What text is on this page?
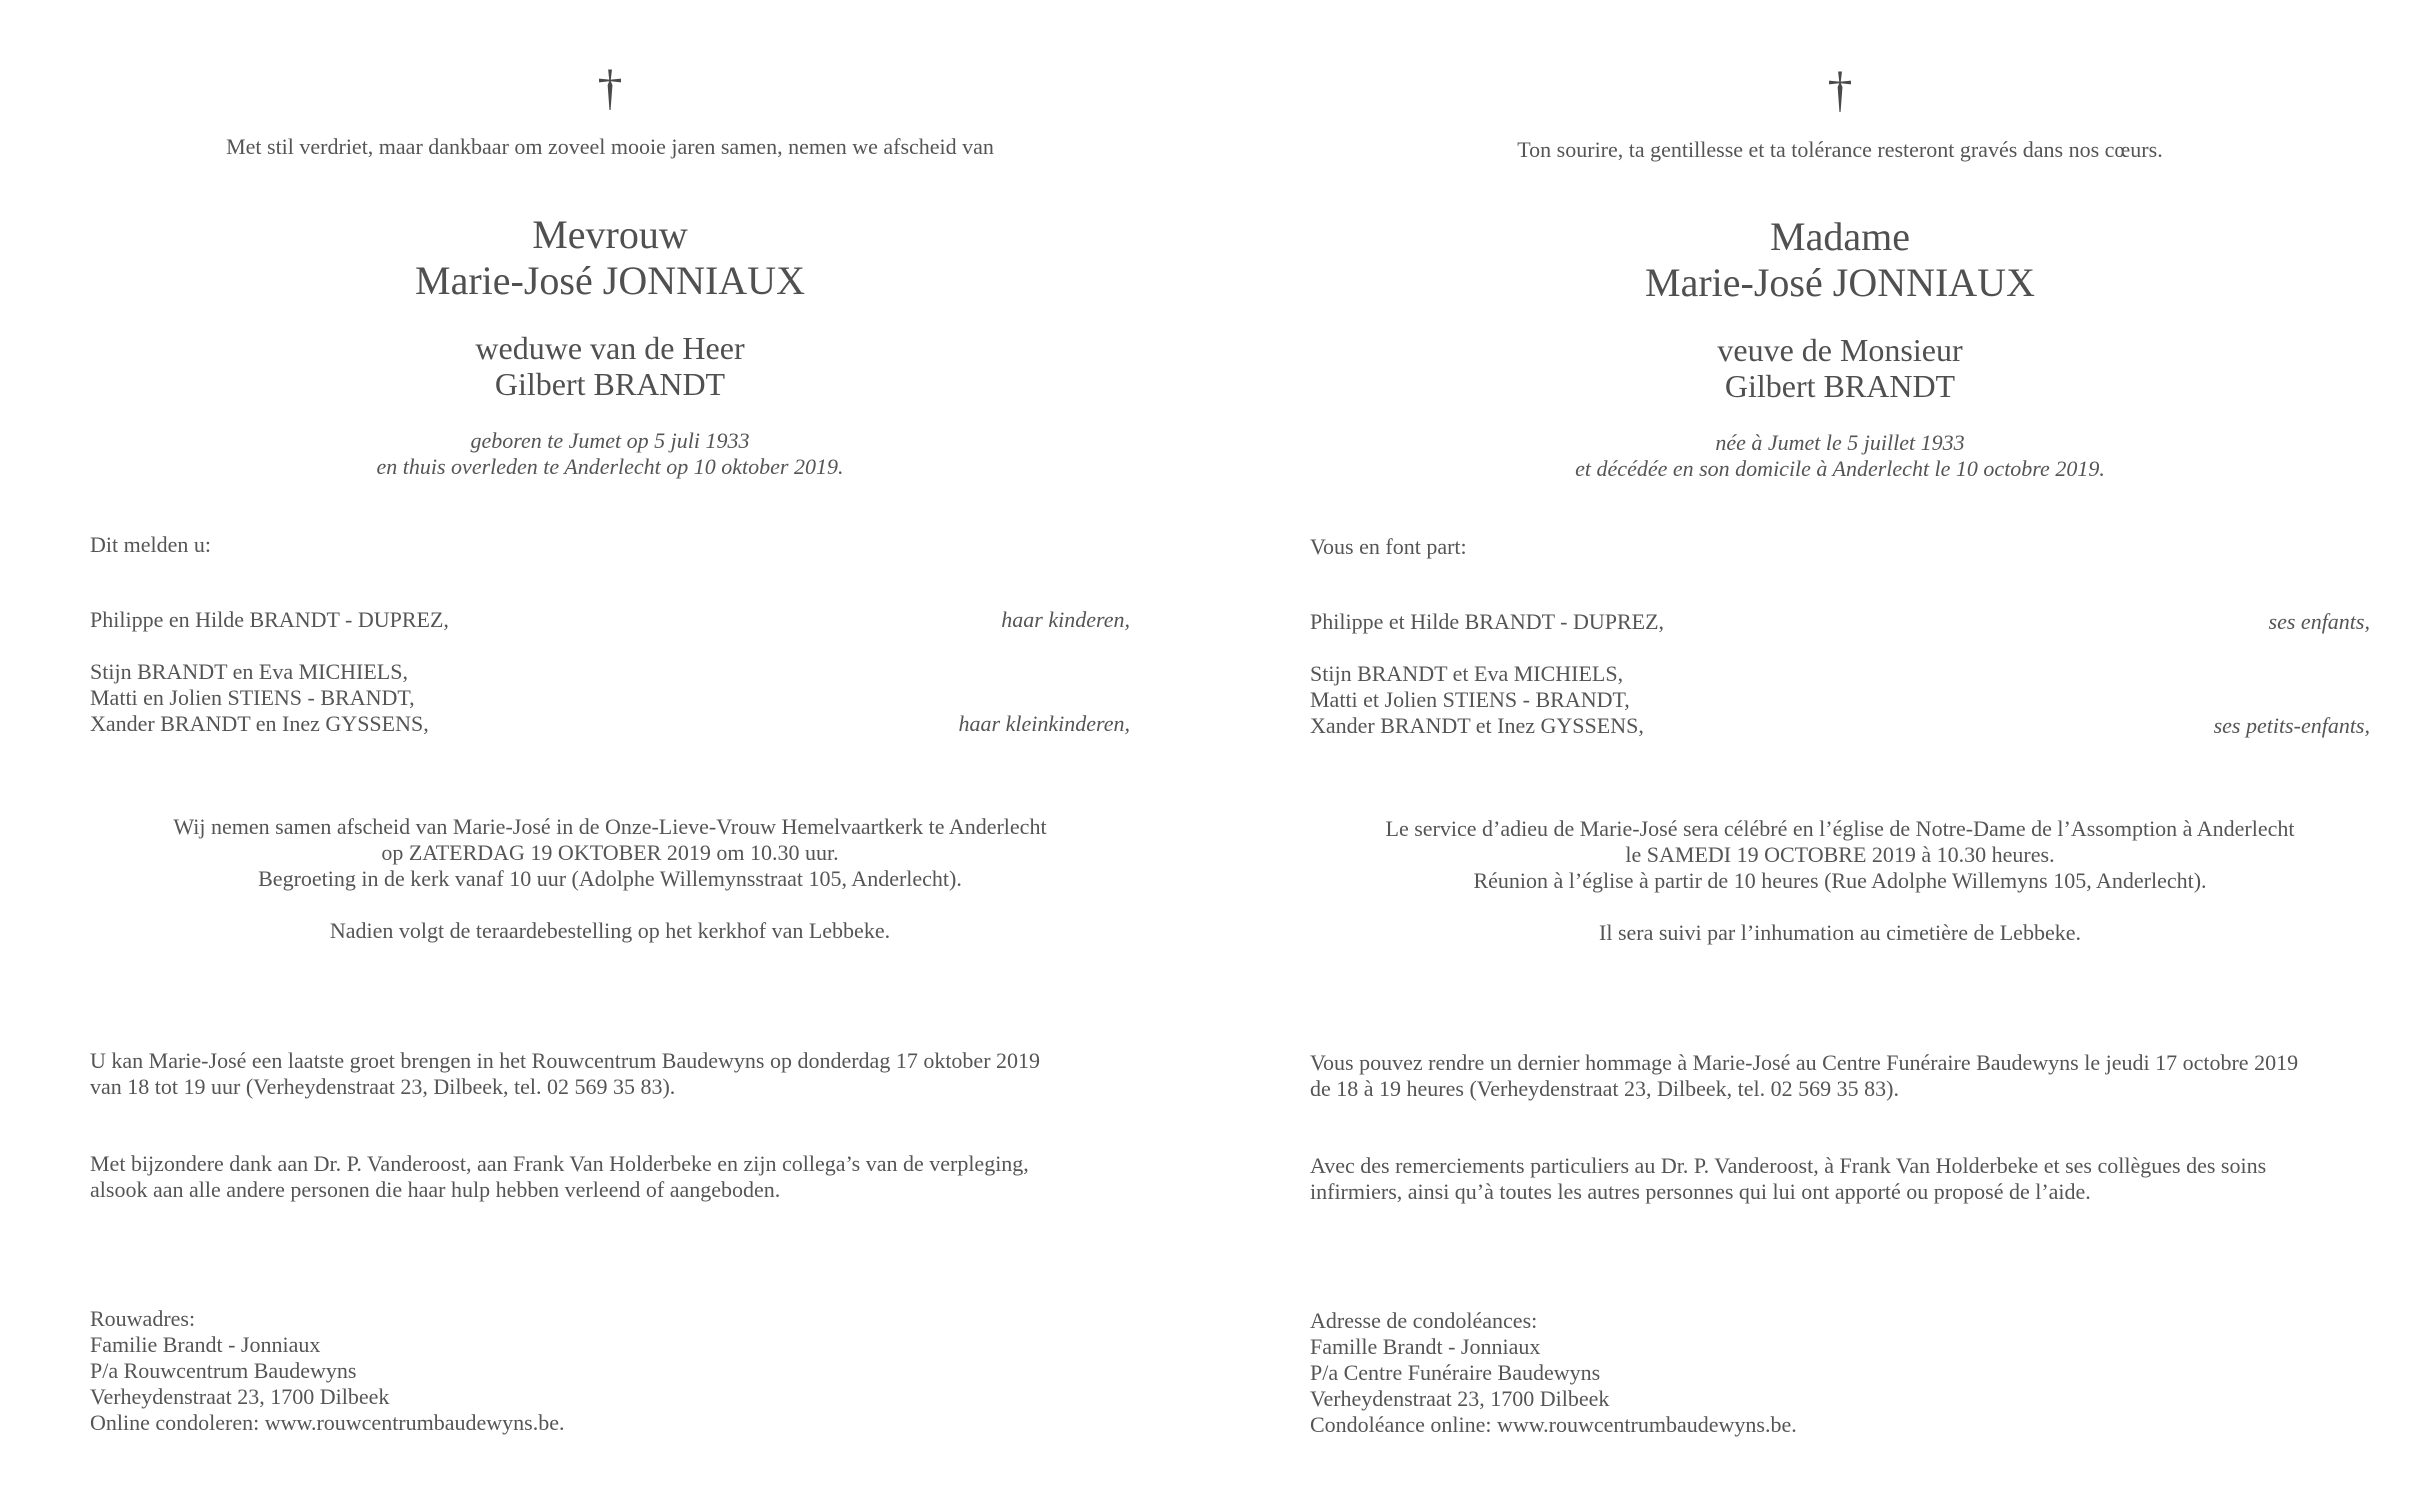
†
Met stil verdriet, maar dankbaar om zoveel mooie jaren samen, nemen we afscheid van
Mevrouw
Marie-José JONNIAUX
weduwe van de Heer
Gilbert BRANDT
geboren te Jumet op 5 juli 1933
en thuis overleden te Anderlecht op 10 oktober 2019.
Dit melden u:
Philippe en Hilde BRANDT - DUPREZ,	haar kinderen,
Stijn BRANDT en Eva MICHIELS,
Matti en Jolien STIENS - BRANDT,
Xander BRANDT en Inez GYSSENS,	haar kleinkinderen,
Wij nemen samen afscheid van Marie-José in de Onze-Lieve-Vrouw Hemelvaartkerk te Anderlecht
op ZATERDAG 19 OKTOBER 2019 om 10.30 uur.
Begroeting in de kerk vanaf 10 uur (Adolphe Willemynsstraat 105, Anderlecht).
Nadien volgt de teraardebestelling op het kerkhof van Lebbeke.
U kan Marie-José een laatste groet brengen in het Rouwcentrum Baudewyns op donderdag 17 oktober 2019
van 18 tot 19 uur (Verheydenstraat 23, Dilbeek, tel. 02 569 35 83).
Met bijzondere dank aan Dr. P. Vanderoost, aan Frank Van Holderbeke en zijn collega’s van de verpleging,
alsook aan alle andere personen die haar hulp hebben verleend of aangeboden.
Rouwadres:
Familie Brandt - Jonniaux
P/a Rouwcentrum Baudewyns
Verheydenstraat 23, 1700 Dilbeek
Online condoleren: www.rouwcentrumbaudewyns.be.
†
Ton sourire, ta gentillesse et ta tolérance resteront gravés dans nos cœurs.
Madame
Marie-José JONNIAUX
veuve de Monsieur
Gilbert BRANDT
née à Jumet le 5 juillet 1933
et décédée en son domicile à Anderlecht le 10 octobre 2019.
Vous en font part:
Philippe et Hilde BRANDT - DUPREZ,	ses enfants,
Stijn BRANDT et Eva MICHIELS,
Matti et Jolien STIENS - BRANDT,
Xander BRANDT et Inez GYSSENS,	ses petits-enfants,
Le service d’adieu de Marie-José sera célébré en l’église de Notre-Dame de l’Assomption à Anderlecht
le SAMEDI 19 OCTOBRE 2019 à 10.30 heures.
Réunion à l’église à partir de 10 heures (Rue Adolphe Willemyns 105, Anderlecht).
Il sera suivi par l’inhumation au cimetière de Lebbeke.
Vous pouvez rendre un dernier hommage à Marie-José au Centre Funéraire Baudewyns le jeudi 17 octobre 2019
de 18 à 19 heures (Verheydenstraat 23, Dilbeek, tel. 02 569 35 83).
Avec des remerciements particuliers au Dr. P. Vanderoost, à Frank Van Holderbeke et ses collègues des soins
infirmiers, ainsi qu’à toutes les autres personnes qui lui ont apporté ou proposé de l’aide.
Adresse de condoléances:
Famille Brandt - Jonniaux
P/a Centre Funéraire Baudewyns
Verheydenstraat 23, 1700 Dilbeek
Condoléance online: www.rouwcentrumbaudewyns.be.
